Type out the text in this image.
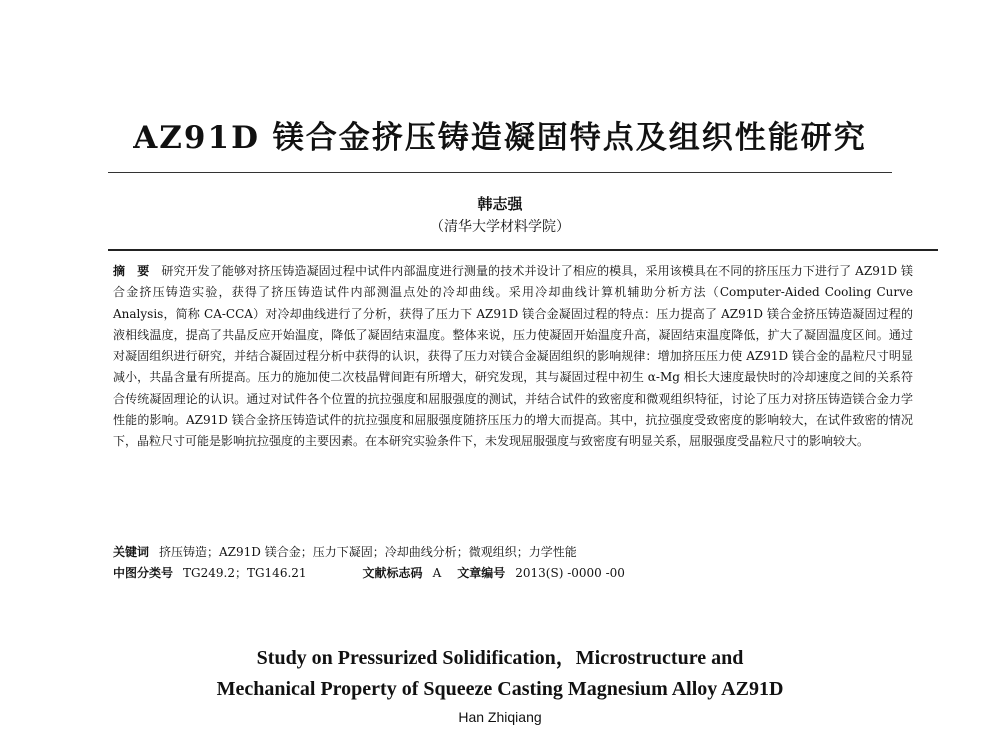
AZ91D 镁合金挤压铸造凝固特点及组织性能研究
韩志强
（清华大学材料学院）
摘　要 研究开发了能够对挤压铸造凝固过程中试件内部温度进行测量的技术并设计了相应的模具，采用该模具在不同的挤压压力下进行了 AZ91D 镁合金挤压铸造实验，获得了挤压铸造试件内部测温点处的冷却曲线。采用冷却曲线计算机辅助分析方法（Computer-Aided Cooling Curve Analysis，简称 CA-CCA）对冷却曲线进行了分析，获得了压力下 AZ91D 镁合金凝固过程的特点：压力提高了 AZ91D 镁合金挤压铸造凝固过程的液相线温度，提高了共晶反应开始温度，降低了凝固结束温度。整体来说，压力使凝固开始温度升高，凝固结束温度降低，扩大了凝固温度区间。通过对凝固组织进行研究，并结合凝固过程分析中获得的认识，获得了压力对镁合金凝固组织的影响规律：增加挤压压力使 AZ91D 镁合金的晶粒尺寸明显减小，共晶含量有所提高。压力的施加使二次枝晶臂间距有所增大，研究发现，其与凝固过程中初生 α-Mg 相长大速度最快时的冷却速度之间的关系符合传统凝固理论的认识。通过对试件各个位置的抗拉强度和屈服强度的测试，并结合试件的致密度和微观组织特征，讨论了压力对挤压铸造镁合金力学性能的影响。AZ91D 镁合金挤压铸造试件的抗拉强度和屈服强度随挤压压力的增大而提高。其中，抗拉强度受致密度的影响较大，在试件致密的情况下，晶粒尺寸可能是影响抗拉强度的主要因素。在本研究实验条件下，未发现屈服强度与致密度有明显关系，屈服强度受晶粒尺寸的影响较大。
关键词 挤压铸造；AZ91D 镁合金；压力下凝固；冷却曲线分析；微观组织；力学性能
中图分类号 TG249.2；TG146.21	文献标志码 A 文章编号 2013(S) -0000 -00
Study on Pressurized Solidification，Microstructure and
Mechanical Property of Squeeze Casting Magnesium Alloy AZ91D
Han Zhiqiang
